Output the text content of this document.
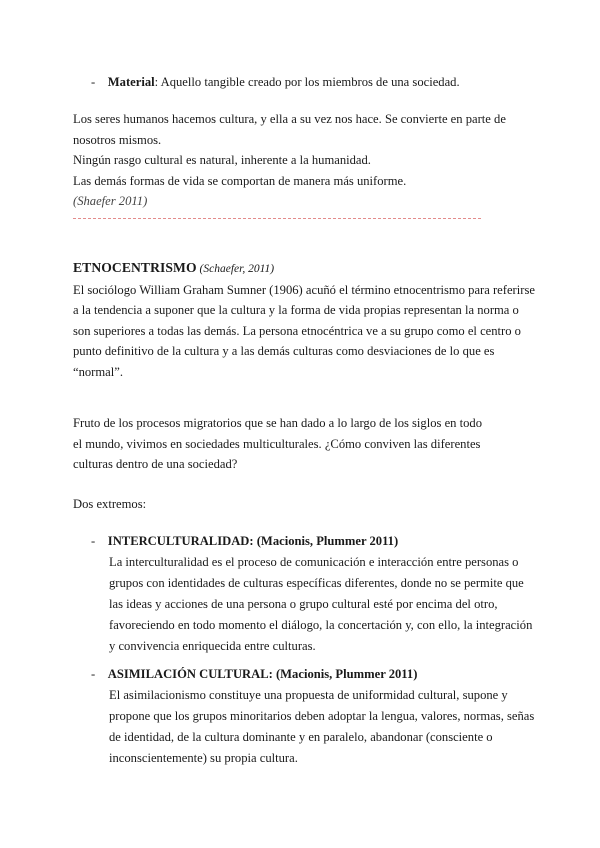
- Material: Aquello tangible creado por los miembros de una sociedad.
Los seres humanos hacemos cultura, y ella a su vez nos hace. Se convierte en parte de
nosotros mismos.
Ningún rasgo cultural es natural, inherente a la humanidad.
Las demás formas de vida se comportan de manera más uniforme.
(Shaefer 2011)
ETNOCENTRISMO (Schaefer, 2011)
El sociólogo William Graham Sumner (1906) acuñó el término etnocentrismo para referirse
a la tendencia a suponer que la cultura y la forma de vida propias representan la norma o
son superiores a todas las demás. La persona etnocéntrica ve a su grupo como el centro o
punto definitivo de la cultura y a las demás culturas como desviaciones de lo que es
“normal”.
Fruto de los procesos migratorios que se han dado a lo largo de los siglos en todo
el mundo, vivimos en sociedades multiculturales. ¿Cómo conviven las diferentes
culturas dentro de una sociedad?
Dos extremos:
- INTERCULTURALIDAD: (Macionis, Plummer 2011)
La interculturalidad es el proceso de comunicación e interacción entre personas o
grupos con identidades de culturas específicas diferentes, donde no se permite que
las ideas y acciones de una persona o grupo cultural esté por encima del otro,
favoreciendo en todo momento el diálogo, la concertación y, con ello, la integración
y convivencia enriquecida entre culturas.
- ASIMILACIÓN CULTURAL: (Macionis, Plummer 2011)
El asimilacionismo constituye una propuesta de uniformidad cultural, supone y
propone que los grupos minoritarios deben adoptar la lengua, valores, normas, señas
de identidad, de la cultura dominante y en paralelo, abandonar (consciente o
inconscientemente) su propia cultura.
